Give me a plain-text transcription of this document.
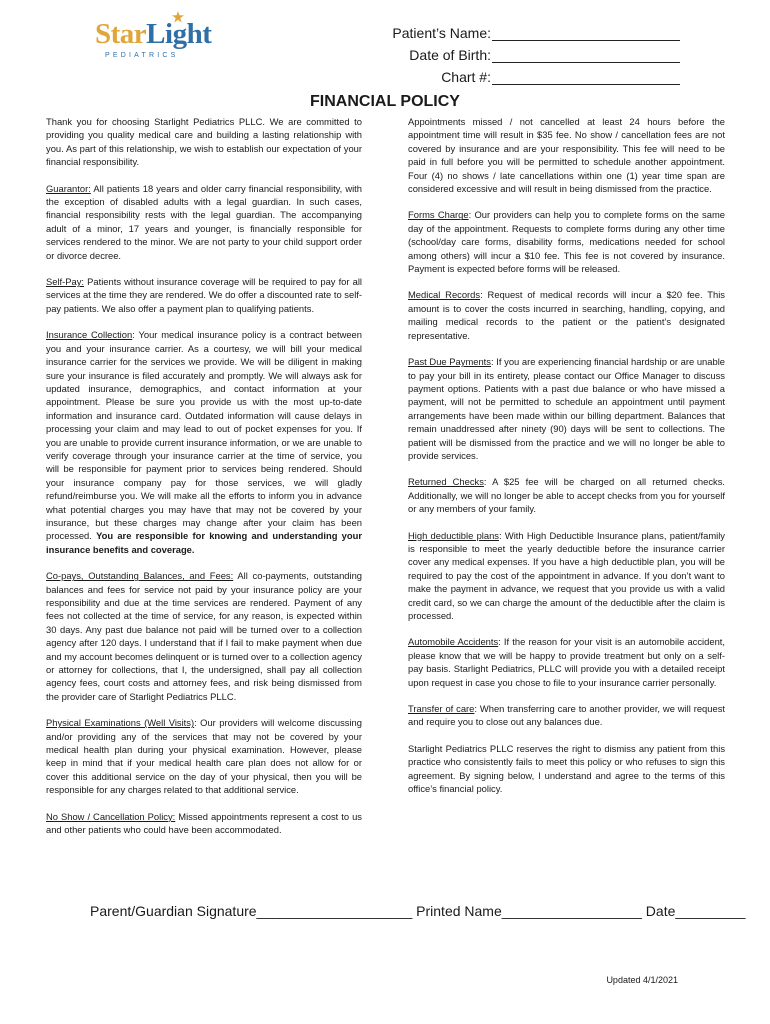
StarLight
PEDIATRICS
Patient’s Name:
Date of Birth:
Chart #:
FINANCIAL POLICY

Thank you for choosing Starlight Pediatrics PLLC. We are committed to providing you quality medical care and building a lasting relationship with you. As part of this relationship, we wish to establish our expectation of your financial responsibility.

Guarantor: All patients 18 years and older carry financial responsibility, with the exception of disabled adults with a legal guardian. In such cases, financial responsibility rests with the legal guardian. The accompanying adult of a minor, 17 years and younger, is financially responsible for services rendered to the minor. We are not party to your child support order or divorce decree.

Self-Pay: Patients without insurance coverage will be required to pay for all services at the time they are rendered. We do offer a discounted rate to self-pay patients. We also offer a payment plan to qualifying patients.

Insurance Collection: Your medical insurance policy is a contract between you and your insurance carrier. As a courtesy, we will bill your medical insurance carrier for the services we provide. We will be diligent in making sure your insurance is filed accurately and promptly. We will always ask for updated insurance, demographics, and contact information at your appointment. Please be sure you provide us with the most up-to-date information and insurance card. Outdated information will cause delays in processing your claim and may lead to out of pocket expenses for you. If you are unable to provide current insurance information, or we are unable to verify coverage through your insurance carrier at the time of service, you will be responsible for payment prior to services being rendered. Should your insurance company pay for those services, we will gladly refund/reimburse you. We will make all the efforts to inform you in advance what potential charges you may have that may not be covered by your insurance, but these charges may change after your claim has been processed. You are responsible for knowing and understanding your insurance benefits and coverage.

Co-pays, Outstanding Balances, and Fees: All co-payments, outstanding balances and fees for service not paid by your insurance policy are your responsibility and due at the time services are rendered. Payment of any fees not collected at the time of service, for any reason, is expected within 30 days. Any past due balance not paid will be turned over to a collection agency after 120 days. I understand that if I fail to make payment when due and my account becomes delinquent or is turned over to a collection agency or attorney for collections, that I, the undersigned, shall pay all collection agency fees, court costs and attorney fees, and risk being dismissed from the provider care of Starlight Pediatrics PLLC.

Physical Examinations (Well Visits): Our providers will welcome discussing and/or providing any of the services that may not be covered by your medical health plan during your physical examination. However, please keep in mind that if your medical health care plan does not allow for or cover this additional service on the day of your physical, then you will be responsible for any charges related to that additional service.

No Show / Cancellation Policy: Missed appointments represent a cost to us and other patients who could have been accommodated.

Appointments missed / not cancelled at least 24 hours before the appointment time will result in $35 fee. No show / cancellation fees are not covered by insurance and are your responsibility. This fee will need to be paid in full before you will be permitted to schedule another appointment. Four (4) no shows / late cancellations within one (1) year time span are considered excessive and will result in being dismissed from the practice.

Forms Charge: Our providers can help you to complete forms on the same day of the appointment. Requests to complete forms during any other time (school/day care forms, disability forms, medications needed for school among others) will incur a $10 fee. This fee is not covered by insurance. Payment is expected before forms will be released.

Medical Records: Request of medical records will incur a $20 fee. This amount is to cover the costs incurred in searching, handling, copying, and mailing medical records to the patient or the patient’s designated representative.

Past Due Payments: If you are experiencing financial hardship or are unable to pay your bill in its entirety, please contact our Office Manager to discuss payment options. Patients with a past due balance or who have missed a payment, will not be permitted to schedule an appointment until payment arrangements have been made within our billing department. Balances that remain unaddressed after ninety (90) days will be sent to collections. The patient will be dismissed from the practice and we will no longer be able to provide services.

Returned Checks: A $25 fee will be charged on all returned checks. Additionally, we will no longer be able to accept checks from you for yourself or any members of your family.

High deductible plans: With High Deductible Insurance plans, patient/family is responsible to meet the yearly deductible before the insurance carrier cover any medical expenses. If you have a high deductible plan, you will be required to pay the cost of the appointment in advance. If you don’t want to make the payment in advance, we request that you provide us with a valid credit card, so we can charge the amount of the deductible after the claim is processed.

Automobile Accidents: If the reason for your visit is an automobile accident, please know that we will be happy to provide treatment but only on a self-pay basis. Starlight Pediatrics, PLLC will provide you with a detailed receipt upon request in case you chose to file to your insurance carrier personally.

Transfer of care: When transferring care to another provider, we will request and require you to close out any balances due.

Starlight Pediatrics PLLC reserves the right to dismiss any patient from this practice who consistently fails to meet this policy or who refuses to sign this agreement. By signing below, I understand and agree to the terms of this office’s financial policy.

Parent/Guardian Signature____________________ Printed Name__________________ Date_________
Updated 4/1/2021
